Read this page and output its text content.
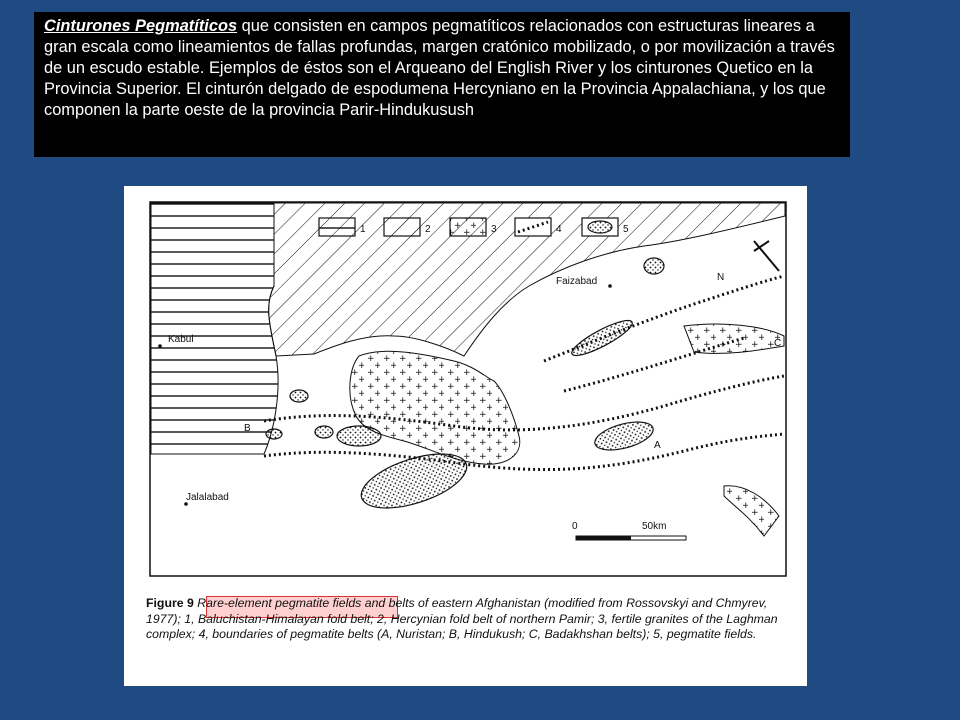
Cinturones Pegmatíticos que consisten en campos pegmatíticos relacionados con estructuras lineares a gran escala como lineamientos de fallas profundas, margen cratónico mobilizado, o por movilización a través de un escudo estable. Ejemplos de éstos son el Arqueano del English River y los cinturones Quetico en la Provincia Superior. El cinturón delgado de espodumena Hercyniano en la Provincia Appalachiana, y los que componen la parte oeste de la provincia Parir-Hindukusush
1	2	3	4	5
N
Kabul
Jalalabad
Faizabad
A
B
C
0	50km
Figure 9 Rare-element pegmatite fields and belts of eastern Afghanistan (modified from Rossovskyi and Chmyrev, 1977); 1, Baluchistan-Himalayan fold belt; 2, Hercynian fold belt of northern Pamir; 3, fertile granites of the Laghman complex; 4, boundaries of pegmatite belts (A, Nuristan; B, Hindukush; C, Badakhshan belts); 5, pegmatite fields.
